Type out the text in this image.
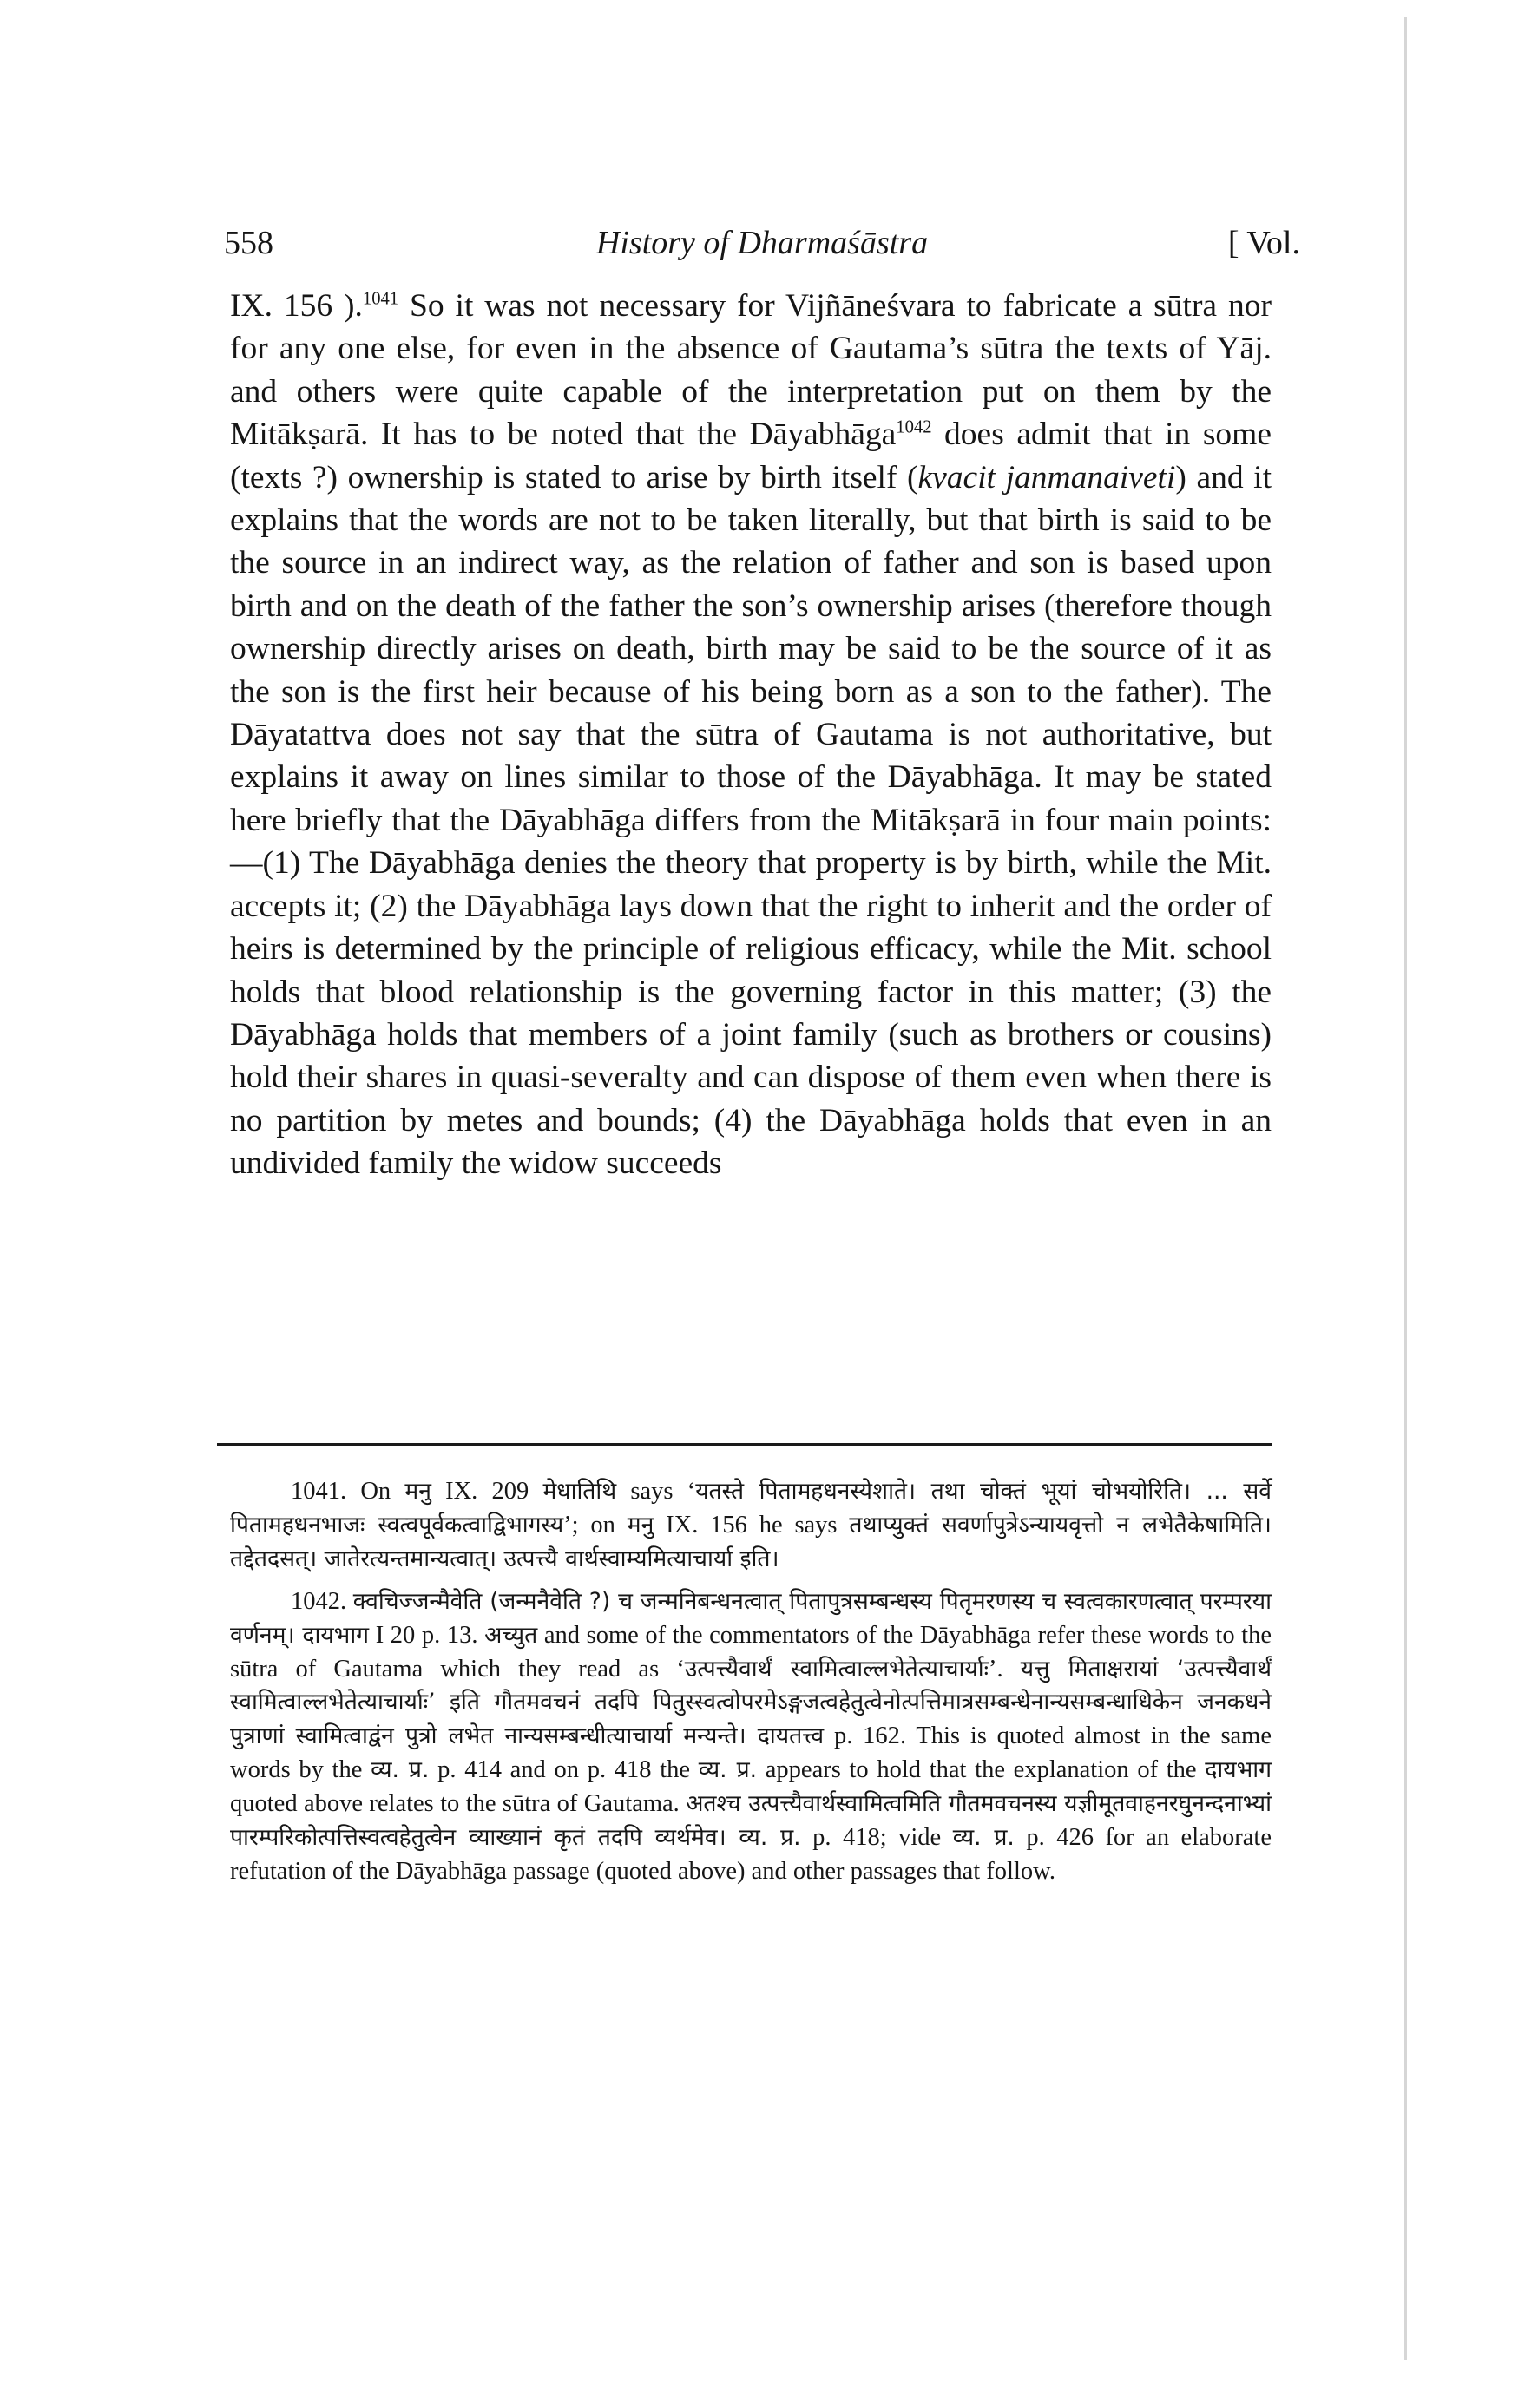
558	History of Dharmaśāstra	[ Vol.

IX. 156 ).$^{1041}$ So it was not necessary for Vijñāneśvara to fabricate a sūtra nor for any one else, for even in the absence of Gautama’s sūtra the texts of Yāj. and others were quite capable of the interpretation put on them by the Mitākṣarā. It has to be noted that the Dāyabhāga$^{1042}$ does admit that in some (texts ?) ownership is stated to arise by birth itself (kvacit janmanaiveti) and it explains that the words are not to be taken literally, but that birth is said to be the source in an indirect way, as the relation of father and son is based upon birth and on the death of the father the son’s ownership arises (therefore though ownership directly arises on death, birth may be said to be the source of it as the son is the first heir because of his being born as a son to the father). The Dāyatattva does not say that the sūtra of Gautama is not authoritative, but explains it away on lines similar to those of the Dāyabhāga. It may be stated here briefly that the Dāyabhāga differs from the Mitākṣarā in four main points:—(1) The Dāyabhāga denies the theory that property is by birth, while the Mit. accepts it; (2) the Dāyabhāga lays down that the right to inherit and the order of heirs is determined by the principle of religious efficacy, while the Mit. school holds that blood relationship is the governing factor in this matter; (3) the Dāyabhāga holds that members of a joint family (such as brothers or cousins) hold their shares in quasi-severalty and can dispose of them even when there is no partition by metes and bounds; (4) the Dāyabhāga holds that even in an undivided family the widow succeeds

1041. On मनु IX. 209 मेधातिथि says ‘यतस्ते पितामहधनस्येशाते। तथा चोक्तं भूयां चोभयोरिति। ... सर्वे पितामहधनभाजः स्वत्वपूर्वकत्वाद्विभागस्य’; on मनु IX. 156 he says तथाप्युक्तं सवर्णापुत्रेऽन्यायवृत्तो न लभेतैकेषामिति। तद्देतदसत्। जातेरत्यन्तमान्यत्वात्। उत्पत्त्यै वार्थस्वाम्यमित्याचार्या इति।

1042. क्वचिज्जन्मैवेति (जन्मनैवेति ?) च जन्मनिबन्धनत्वात् पितापुत्रसम्बन्धस्य पितृमरणस्य च स्वत्वकारणत्वात् परम्परया वर्णनम्। दायभाग I 20 p. 13. अच्युत and some of the commentators of the Dāyabhāga refer these words to the sūtra of Gautama which they read as ‘उत्पत्त्यैवार्थं स्वामित्वाल्लभेतेत्याचार्याः’. यत्तु मिताक्षरायां ‘उत्पत्त्यैवार्थं स्वामित्वाल्लभेतेत्याचार्याः’ इति गौतमवचनं तदपि पितुस्स्वत्वोपरमेऽङ्गजत्वहेतुत्वेनोत्पत्तिमात्रसम्बन्धेनान्यसम्बन्धाधिकेन जनकधने पुत्राणां स्वामित्वाद्वंन पुत्रो लभेत नान्यसम्बन्धीत्याचार्या मन्यन्ते। दायतत्त्व p. 162. This is quoted almost in the same words by the व्य. प्र. p. 414 and on p. 418 the व्य. प्र. appears to hold that the explanation of the दायभाग quoted above relates to the sūtra of Gautama. अतश्च उत्पत्त्यैवार्थस्वामित्वमिति गौतमवचनस्य यज्ञीमूतवाहनरघुनन्दनाभ्यां पारम्परिकोत्पत्तिस्वत्वहेतुत्वेन व्याख्यानं कृतं तदपि व्यर्थमेव। व्य. प्र. p. 418; vide व्य. प्र. p. 426 for an elaborate refutation of the Dāyabhāga passage (quoted above) and other passages that follow.
